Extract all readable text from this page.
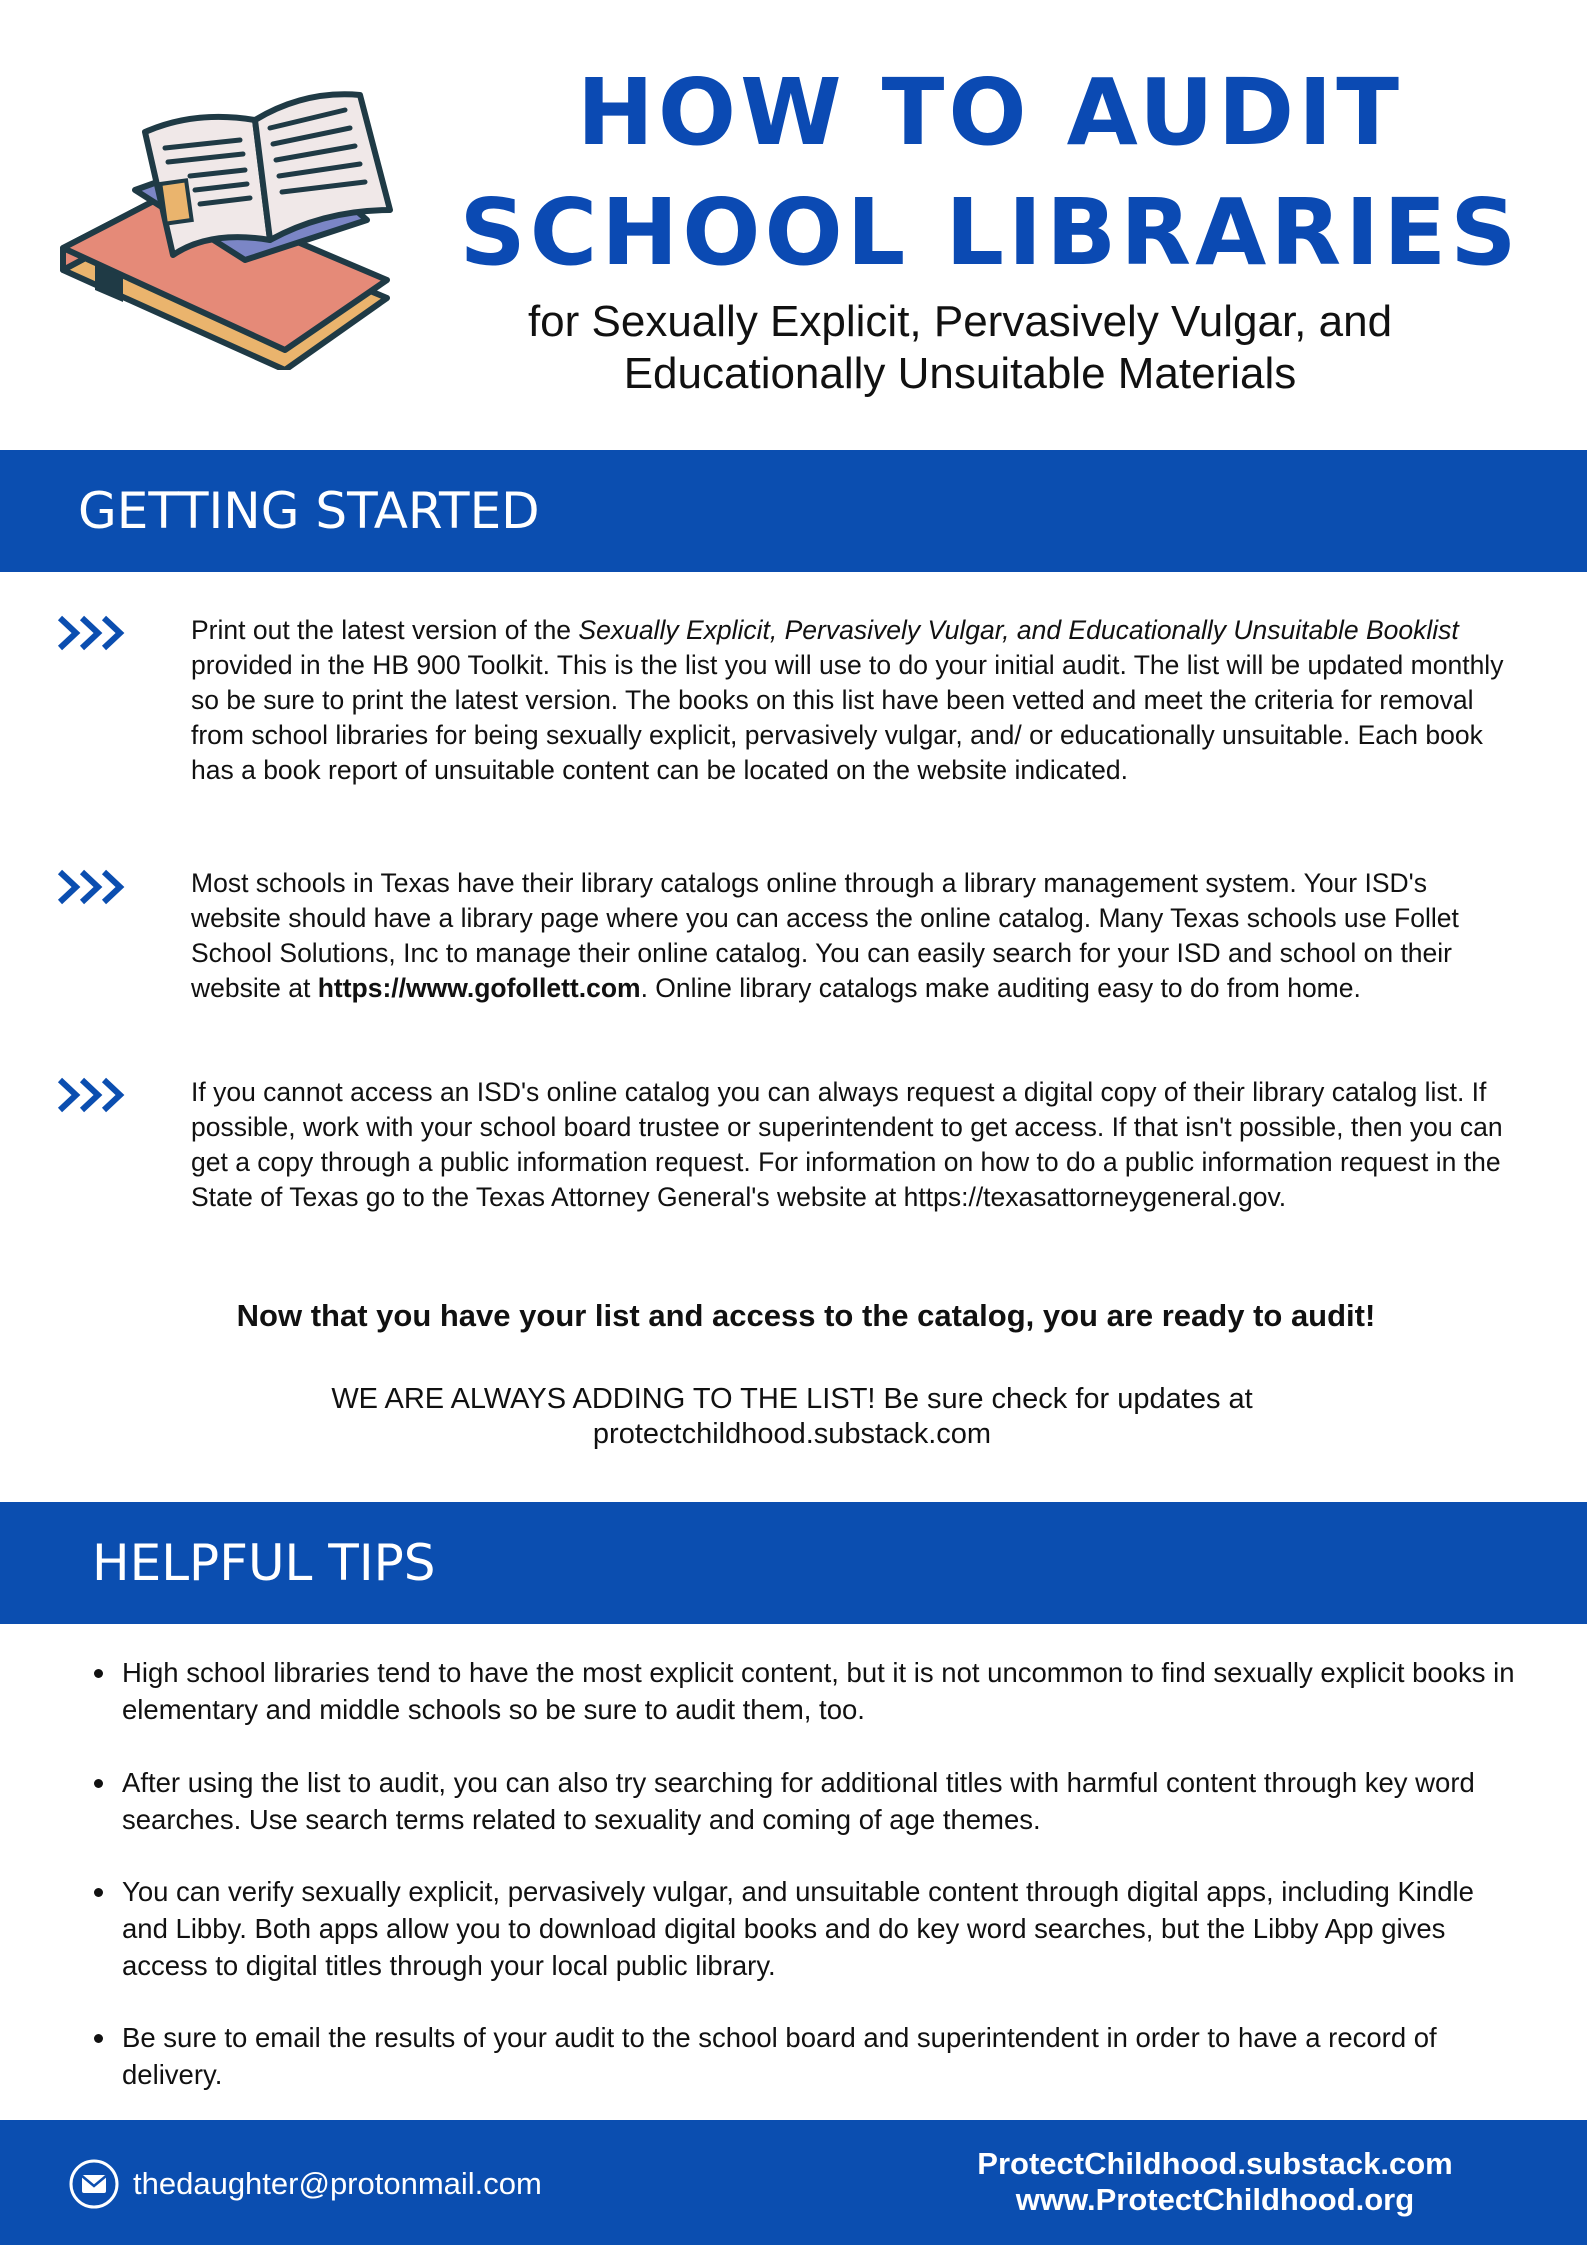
HOW TO AUDIT
SCHOOL LIBRARIES
for Sexually Explicit, Pervasively Vulgar, and
Educationally Unsuitable Materials
GETTING STARTED

Print out the latest version of the Sexually Explicit, Pervasively Vulgar, and Educationally Unsuitable Booklist provided in the HB 900 Toolkit. This is the list you will use to do your initial audit. The list will be updated monthly so be sure to print the latest version. The books on this list have been vetted and meet the criteria for removal from school libraries for being sexually explicit, pervasively vulgar, and/ or educationally unsuitable. Each book has a book report of unsuitable content can be located on the website indicated.

Most schools in Texas have their library catalogs online through a library management system. Your ISD's website should have a library page where you can access the online catalog. Many Texas schools use Follet School Solutions, Inc to manage their online catalog. You can easily search for your ISD and school on their website at https://www.gofollett.com. Online library catalogs make auditing easy to do from home.

If you cannot access an ISD's online catalog you can always request a digital copy of their library catalog list. If possible, work with your school board trustee or superintendent to get access. If that isn't possible, then you can get a copy through a public information request. For information on how to do a public information request in the State of Texas go to the Texas Attorney General's website at https://texasattorneygeneral.gov.

Now that you have your list and access to the catalog, you are ready to audit!

WE ARE ALWAYS ADDING TO THE LIST! Be sure check for updates at
protectchildhood.substack.com

HELPFUL TIPS
High school libraries tend to have the most explicit content, but it is not uncommon to find sexually explicit books in elementary and middle schools so be sure to audit them, too.
After using the list to audit, you can also try searching for additional titles with harmful content through key word searches. Use search terms related to sexuality and coming of age themes.
You can verify sexually explicit, pervasively vulgar, and unsuitable content through digital apps, including Kindle and Libby. Both apps allow you to download digital books and do key word searches, but the Libby App gives access to digital titles through your local public library.
Be sure to email the results of your audit to the school board and superintendent in order to have a record of delivery.
thedaughter@protonmail.com
ProtectChildhood.substack.com
www.ProtectChildhood.org
